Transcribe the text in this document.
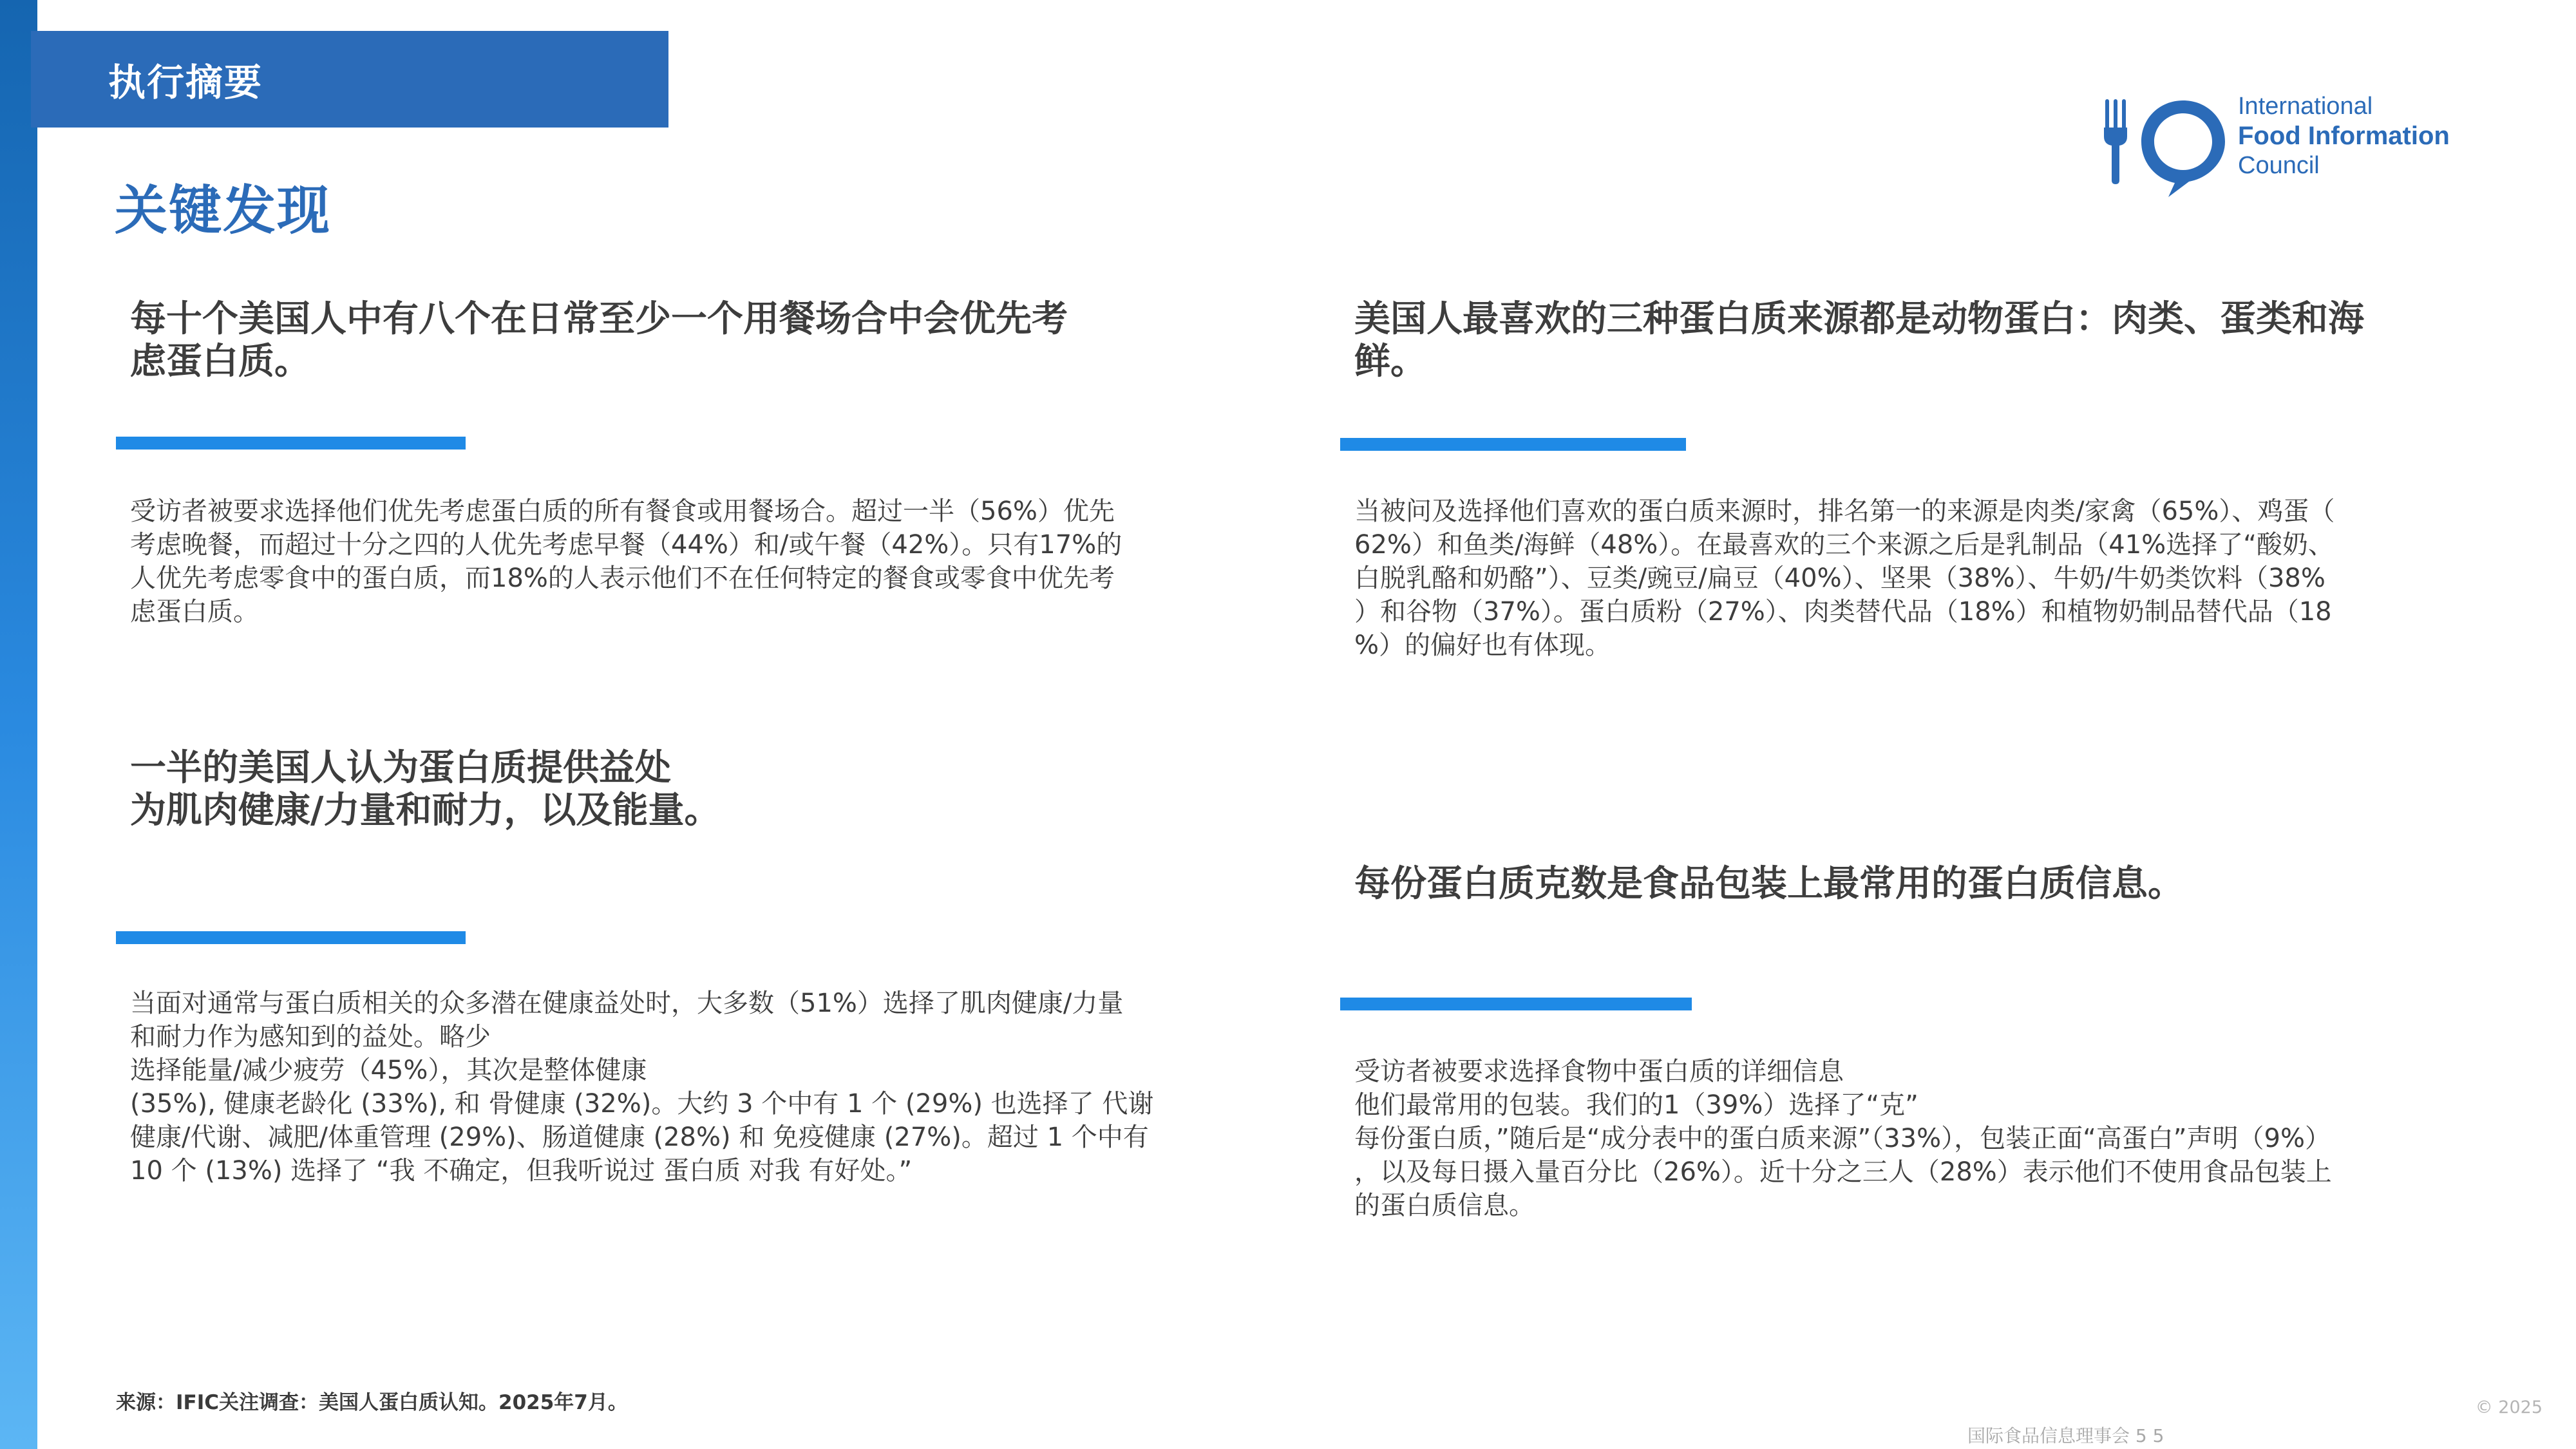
执行摘要
关键发现
International
Food Information
Council

每十个美国人中有八个在日常至少一个用餐场合中会优先考
虑蛋白质。

受访者被要求选择他们优先考虑蛋白质的所有餐食或用餐场合。超过一半（56%）优先
考虑晚餐，而超过十分之四的人优先考虑早餐（44%）和/或午餐（42%）。只有17%的
人优先考虑零食中的蛋白质，而18%的人表示他们不在任何特定的餐食或零食中优先考
虑蛋白质。

美国人最喜欢的三种蛋白质来源都是动物蛋白：肉类、蛋类和海
鲜。

当被问及选择他们喜欢的蛋白质来源时，排名第一的来源是肉类/家禽（65%）、鸡蛋（
62%）和鱼类/海鲜（48%）。在最喜欢的三个来源之后是乳制品（41%选择了“酸奶、
白脱乳酪和奶酪”）、豆类/豌豆/扁豆（40%）、坚果（38%）、牛奶/牛奶类饮料（38%
）和谷物（37%）。蛋白质粉（27%）、肉类替代品（18%）和植物奶制品替代品（18
%）的偏好也有体现。

一半的美国人认为蛋白质提供益处
为肌肉健康/力量和耐力，以及能量。

当面对通常与蛋白质相关的众多潜在健康益处时，大多数（51%）选择了肌肉健康/力量
和耐力作为感知到的益处。略少
选择能量/减少疲劳（45%），其次是整体健康
(35%), 健康老龄化 (33%), 和 骨健康 (32%)。大约 3 个中有 1 个 (29%) 也选择了 代谢
健康/代谢、减肥/体重管理 (29%)、肠道健康 (28%) 和 免疫健康 (27%)。超过 1 个中有
10 个 (13%) 选择了 “我 不确定，但我听说过 蛋白质 对我 有好处。”

每份蛋白质克数是食品包装上最常用的蛋白质信息。

受访者被要求选择食物中蛋白质的详细信息
他们最常用的包装。我们的1（39%）选择了“克”
每份蛋白质，”随后是“成分表中的蛋白质来源”（33%），包装正面“高蛋白”声明（9%）
，以及每日摄入量百分比（26%）。近十分之三人（28%）表示他们不使用食品包装上
的蛋白质信息。

来源：IFIC关注调查：美国人蛋白质认知。2025年7月。
国际食品信息理事会 5 5
© 2025
